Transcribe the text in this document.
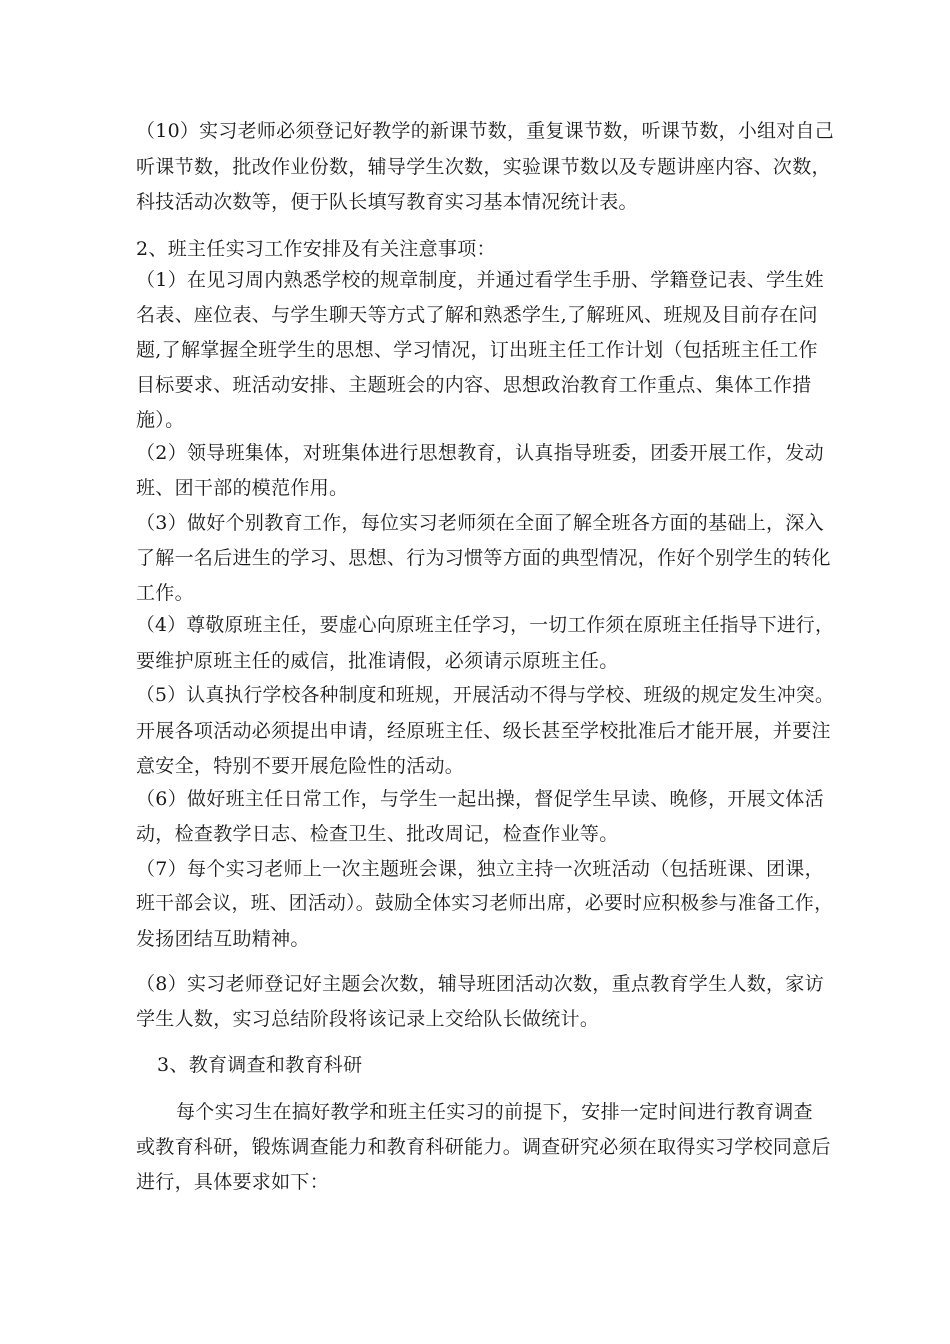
（10）实习老师必须登记好教学的新课节数，重复课节数，听课节数，小组对自己
听课节数，批改作业份数，辅导学生次数，实验课节数以及专题讲座内容、次数，
科技活动次数等，便于队长填写教育实习基本情况统计表。
2、班主任实习工作安排及有关注意事项：
（1）在见习周内熟悉学校的规章制度，并通过看学生手册、学籍登记表、学生姓
名表、座位表、与学生聊天等方式了解和熟悉学生,了解班风、班规及目前存在问
题,了解掌握全班学生的思想、学习情况，订出班主任工作计划（包括班主任工作
目标要求、班活动安排、主题班会的内容、思想政治教育工作重点、集体工作措
施）。
（2）领导班集体，对班集体进行思想教育，认真指导班委，团委开展工作，发动
班、团干部的模范作用。
（3）做好个别教育工作，每位实习老师须在全面了解全班各方面的基础上，深入
了解一名后进生的学习、思想、行为习惯等方面的典型情况，作好个别学生的转化
工作。
（4）尊敬原班主任，要虚心向原班主任学习，一切工作须在原班主任指导下进行，
要维护原班主任的威信，批准请假，必须请示原班主任。
（5）认真执行学校各种制度和班规，开展活动不得与学校、班级的规定发生冲突。
开展各项活动必须提出申请，经原班主任、级长甚至学校批准后才能开展，并要注
意安全，特别不要开展危险性的活动。
（6）做好班主任日常工作，与学生一起出操，督促学生早读、晚修，开展文体活
动，检查教学日志、检查卫生、批改周记，检查作业等。
（7）每个实习老师上一次主题班会课，独立主持一次班活动（包括班课、团课，
班干部会议，班、团活动）。鼓励全体实习老师出席，必要时应积极参与准备工作，
发扬团结互助精神。
（8）实习老师登记好主题会次数，辅导班团活动次数，重点教育学生人数，家访
学生人数，实习总结阶段将该记录上交给队长做统计。
3、教育调查和教育科研
每个实习生在搞好教学和班主任实习的前提下，安排一定时间进行教育调查
或教育科研，锻炼调查能力和教育科研能力。调查研究必须在取得实习学校同意后
进行，具体要求如下：
